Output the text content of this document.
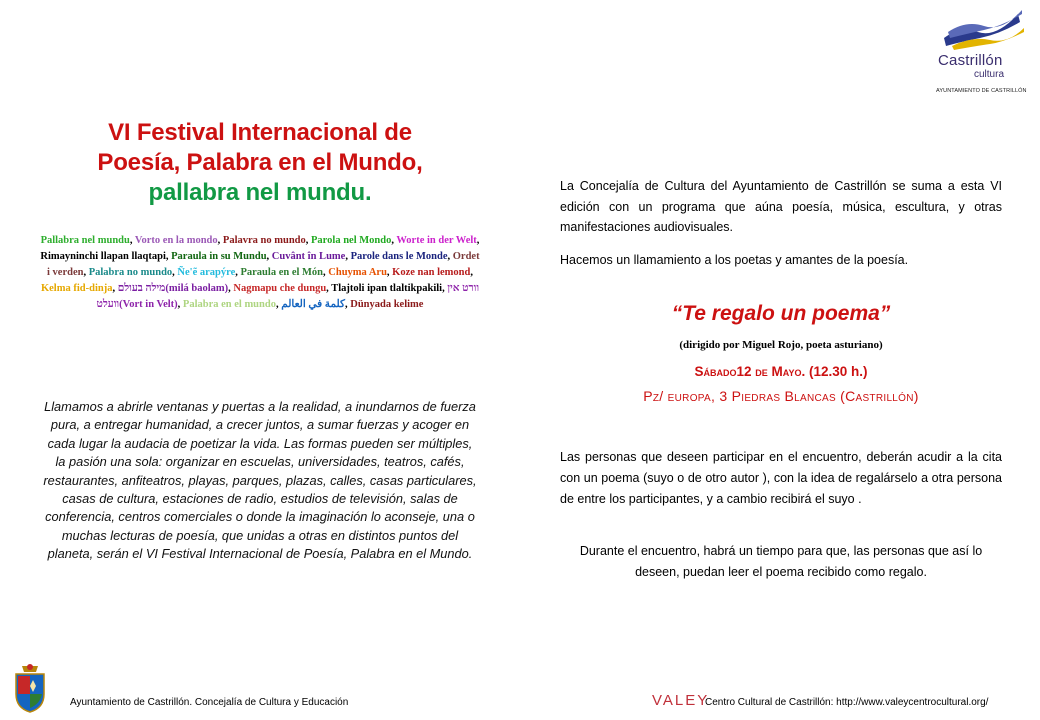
Castrillón
cultura
AYUNTAMIENTO DE CASTRILLÓN
VI Festival Internacional de
Poesía, Palabra en el Mundo,
pallabra nel mundu.
Pallabra nel mundu, Vorto en la mondo, Palavra no mundo, Parola nel Mondo, Worte in der Welt, Rimayninchi llapan llaqtapi, Paraula in su Mundu, Cuvânt în Lume, Parole dans le Monde, Ordet i verden, Palabra no mundo, Ñe'ẽ arapýre, Paraula en el Món, Chuyma Aru, Koze nan lemond, Kelma fid-dinja, מילה בעולם(milá baolam), Nagmapu che dungu, Tlajtoli ipan tlaltikpakili, וורט אין וועלט(Vort in Velt), Palabra en el mundo, كلمة في العالم, Dünyada kelime
Llamamos a abrirle ventanas y puertas a la realidad, a inundarnos de fuerza pura, a entregar humanidad, a crecer juntos, a sumar fuerzas y acoger en cada lugar la audacia de poetizar la vida. Las formas pueden ser múltiples, la pasión una sola: organizar en escuelas, universidades, teatros, cafés, restaurantes, anfiteatros, playas, parques, plazas, calles, casas particulares, casas de cultura, estaciones de radio, estudios de televisión, salas de conferencia, centros comerciales o donde la imaginación lo aconseje, una o muchas lecturas de poesía, que unidas a otras en distintos puntos del planeta, serán el VI Festival Internacional de Poesía, Palabra en el Mundo.
La Concejalía de Cultura del Ayuntamiento de Castrillón se suma a esta VI edición con un programa que aúna poesía, música, escultura, y otras manifestaciones audiovisuales.
Hacemos un llamamiento a los poetas y amantes de la poesía.
“Te regalo un poema”
(dirigido por Miguel Rojo, poeta asturiano)
Sábado12 de Mayo. (12.30 h.)
Pz/ europa, 3 Piedras Blancas (Castrillón)
Las personas que deseen participar en el encuentro, deberán acudir a la cita con un poema (suyo o de otro autor ), con la idea de regalárselo a otra persona de entre los participantes, y a cambio recibirá el suyo .
Durante el encuentro, habrá un tiempo para que, las personas que así lo deseen, puedan leer el poema recibido como regalo.
Ayuntamiento de Castrillón. Concejalía de Cultura y Educación	VALEY
Centro Cultural de Castrillón: http://www.valeycentrocultural.org/
